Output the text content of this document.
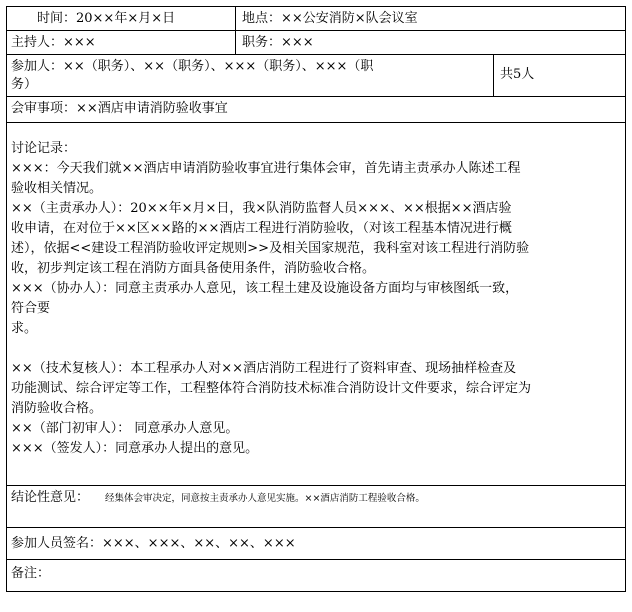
时间：20××年×月×日	地点：××公安消防×队会议室
主持人：×××	职务：×××
参加人：××（职务）、××（职务）、×××（职务）、×××（职
务）
共5人
会审事项：××酒店申请消防验收事宜
讨论记录：
×××：今天我们就××酒店申请消防验收事宜进行集体会审，首先请主责承办人陈述工程
验收相关情况。
××（主责承办人）：20××年×月×日，我×队消防监督人员×××、××根据××酒店验
收申请，在对位于××区××路的××酒店工程进行消防验收，（对该工程基本情况进行概
述），依据<<建设工程消防验收评定规则>>及相关国家规范，我科室对该工程进行消防验
收，初步判定该工程在消防方面具备使用条件，消防验收合格。
×××（协办人）：同意主责承办人意见，该工程土建及设施设备方面均与审核图纸一致，
符合要
求。
××（技术复核人）：本工程承办人对××酒店消防工程进行了资料审查、现场抽样检查及
功能测试、综合评定等工作，工程整体符合消防技术标准合消防设计文件要求，综合评定为
消防验收合格。
××（部门初审人）： 同意承办人意见。
×××（签发人）：同意承办人提出的意见。
结论性意见： 经集体会审决定，同意按主责承办人意见实施。××酒店消防工程验收合格。
参加人员签名：×××、×××、××、××、×××
备注：
